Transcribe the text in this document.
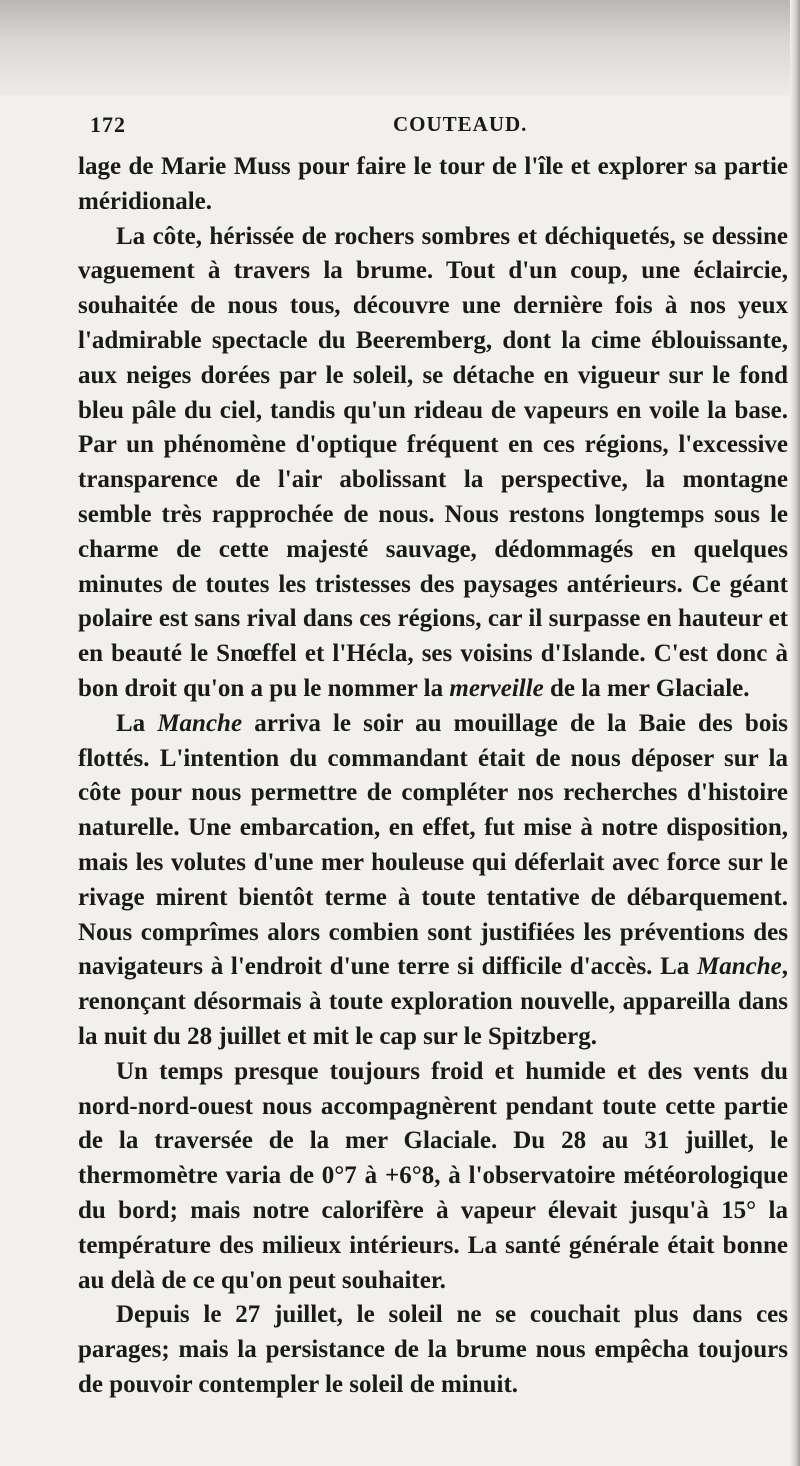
172	COUTEAUD.

lage de Marie Muss pour faire le tour de l'île et explorer sa partie méridionale.

La côte, hérissée de rochers sombres et déchiquetés, se dessine vaguement à travers la brume. Tout d'un coup, une éclaircie, souhaitée de nous tous, découvre une dernière fois à nos yeux l'admirable spectacle du Beeremberg, dont la cime éblouissante, aux neiges dorées par le soleil, se détache en vigueur sur le fond bleu pâle du ciel, tandis qu'un rideau de vapeurs en voile la base. Par un phénomène d'optique fréquent en ces régions, l'excessive transparence de l'air abolissant la perspective, la montagne semble très rapprochée de nous. Nous restons longtemps sous le charme de cette majesté sauvage, dédommagés en quelques minutes de toutes les tristesses des paysages antérieurs. Ce géant polaire est sans rival dans ces régions, car il surpasse en hauteur et en beauté le Snœffel et l'Hécla, ses voisins d'Islande. C'est donc à bon droit qu'on a pu le nommer la merveille de la mer Glaciale.

La Manche arriva le soir au mouillage de la Baie des bois flottés. L'intention du commandant était de nous déposer sur la côte pour nous permettre de compléter nos recherches d'histoire naturelle. Une embarcation, en effet, fut mise à notre disposition, mais les volutes d'une mer houleuse qui déferlait avec force sur le rivage mirent bientôt terme à toute tentative de débarquement. Nous comprîmes alors combien sont justifiées les préventions des navigateurs à l'endroit d'une terre si difficile d'accès. La Manche, renonçant désormais à toute exploration nouvelle, appareilla dans la nuit du 28 juillet et mit le cap sur le Spitzberg.

Un temps presque toujours froid et humide et des vents du nord-nord-ouest nous accompagnèrent pendant toute cette partie de la traversée de la mer Glaciale. Du 28 au 31 juillet, le thermomètre varia de 0°7 à +6°8, à l'observatoire météorologique du bord; mais notre calorifère à vapeur élevait jusqu'à 15° la température des milieux intérieurs. La santé générale était bonne au delà de ce qu'on peut souhaiter.

Depuis le 27 juillet, le soleil ne se couchait plus dans ces parages; mais la persistance de la brume nous empêcha toujours de pouvoir contempler le soleil de minuit.
